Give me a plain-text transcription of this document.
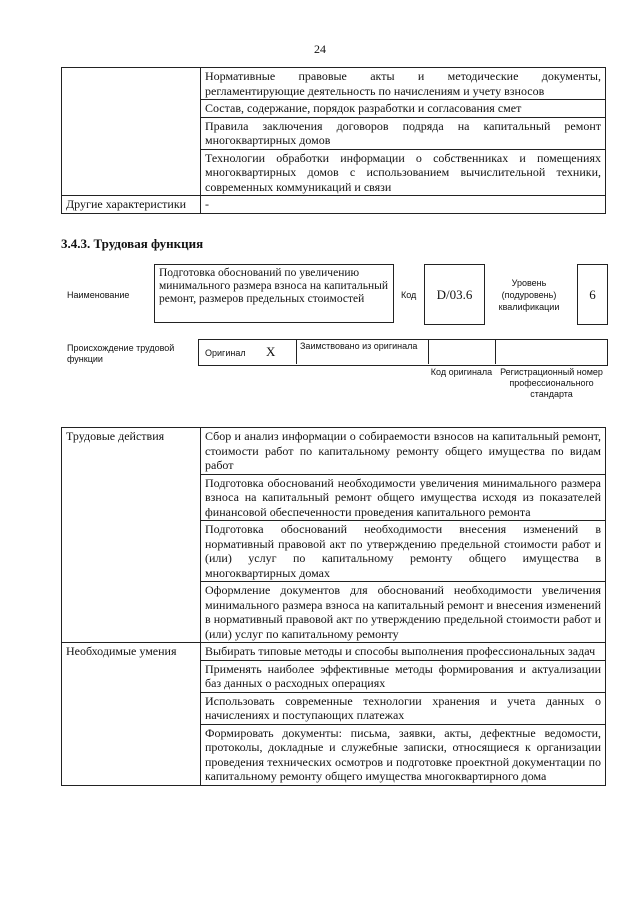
24
	Нормативные правовые акты и методические документы, регламентирующие деятельность по начислениям и учету взносов
	Состав, содержание, порядок разработки и согласования смет
	Правила заключения договоров подряда на капитальный ремонт многоквартирных домов
	Технологии обработки информации о собственниках и помещениях многоквартирных домов с использованием вычислительной техники, современных коммуникаций и связи
Другие характеристики	-
3.4.3. Трудовая функция
Наименование
Подготовка обоснований по увеличению минимального размера взноса на капитальный ремонт, размеров предельных стоимостей	Код D/03.6
Уровень (подуровень) квалификации
6
Происхождение трудовой функции
Оригинал X	Заимствовано из оригинала
Код оригинала Регистрационный номер профессионального стандарта
Трудовые действия	Сбор и анализ информации о собираемости взносов на капитальный ремонт, стоимости работ по капитальному ремонту общего имущества по видам работ
	Подготовка обоснований необходимости увеличения минимального размера взноса на капитальный ремонт общего имущества исходя из показателей финансовой обеспеченности проведения капитального ремонта
	Подготовка обоснований необходимости внесения изменений в нормативный правовой акт по утверждению предельной стоимости работ и (или) услуг по капитальному ремонту общего имущества в многоквартирных домах
	Оформление документов для обоснований необходимости увеличения минимального размера взноса на капитальный ремонт и внесения изменений в нормативный правовой акт по утверждению предельной стоимости работ и (или) услуг по капитальному ремонту
Необходимые умения	Выбирать типовые методы и способы выполнения профессиональных задач
	Применять наиболее эффективные методы формирования и актуализации баз данных о расходных операциях
	Использовать современные технологии хранения и учета данных о начислениях и поступающих платежах
	Формировать документы: письма, заявки, акты, дефектные ведомости, протоколы, докладные и служебные записки, относящиеся к организации проведения технических осмотров и подготовке проектной документации по капитальному ремонту общего имущества многоквартирного дома
